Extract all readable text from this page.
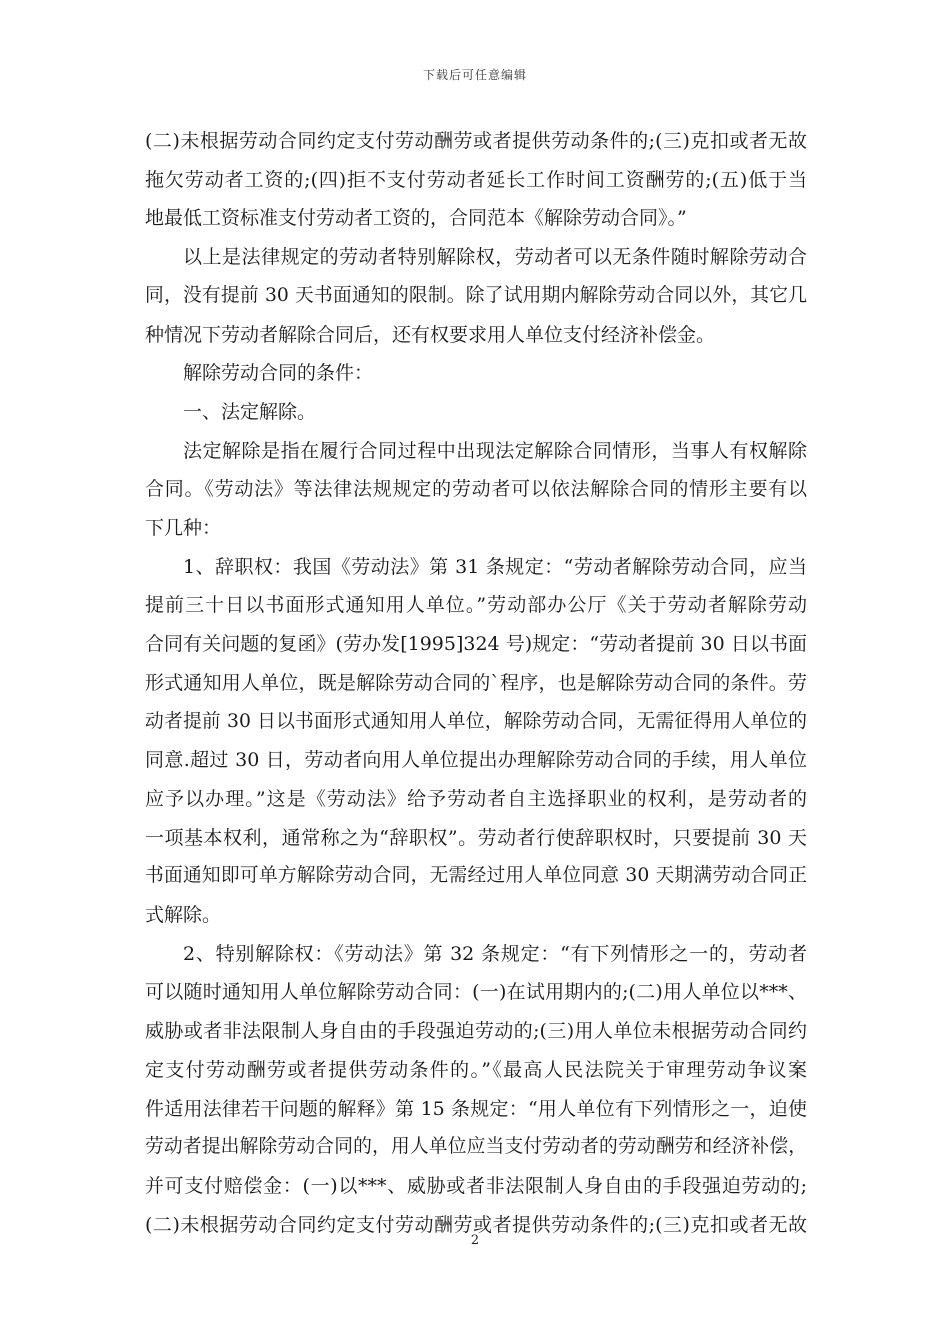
下载后可任意编辑

(二)未根据劳动合同约定支付劳动酬劳或者提供劳动条件的;(三)克扣或者无故
拖欠劳动者工资的;(四)拒不支付劳动者延长工作时间工资酬劳的;(五)低于当
地最低工资标准支付劳动者工资的，合同范本《解除劳动合同》。”

以上是法律规定的劳动者特别解除权，劳动者可以无条件随时解除劳动合
同，没有提前 30 天书面通知的限制。除了试用期内解除劳动合同以外，其它几
种情况下劳动者解除合同后，还有权要求用人单位支付经济补偿金。

解除劳动合同的条件：

一、法定解除。

法定解除是指在履行合同过程中出现法定解除合同情形，当事人有权解除
合同。《劳动法》等法律法规规定的劳动者可以依法解除合同的情形主要有以
下几种：

1、辞职权：我国《劳动法》第 31 条规定：“劳动者解除劳动合同，应当
提前三十日以书面形式通知用人单位。”劳动部办公厅《关于劳动者解除劳动
合同有关问题的复函》(劳办发[1995]324 号)规定：“劳动者提前 30 日以书面
形式通知用人单位，既是解除劳动合同的`程序，也是解除劳动合同的条件。劳
动者提前 30 日以书面形式通知用人单位，解除劳动合同，无需征得用人单位的
同意.超过 30 日，劳动者向用人单位提出办理解除劳动合同的手续，用人单位
应予以办理。”这是《劳动法》给予劳动者自主选择职业的权利，是劳动者的
一项基本权利，通常称之为“辞职权”。劳动者行使辞职权时，只要提前 30 天
书面通知即可单方解除劳动合同，无需经过用人单位同意 30 天期满劳动合同正
式解除。

2、特别解除权：《劳动法》第 32 条规定：“有下列情形之一的，劳动者
可以随时通知用人单位解除劳动合同：(一)在试用期内的;(二)用人单位以***、
威胁或者非法限制人身自由的手段强迫劳动的;(三)用人单位未根据劳动合同约
定支付劳动酬劳或者提供劳动条件的。”《最高人民法院关于审理劳动争议案
件适用法律若干问题的解释》第 15 条规定：“用人单位有下列情形之一，迫使
劳动者提出解除劳动合同的，用人单位应当支付劳动者的劳动酬劳和经济补偿，
并可支付赔偿金：(一)以***、威胁或者非法限制人身自由的手段强迫劳动的;
(二)未根据劳动合同约定支付劳动酬劳或者提供劳动条件的;(三)克扣或者无故

2
